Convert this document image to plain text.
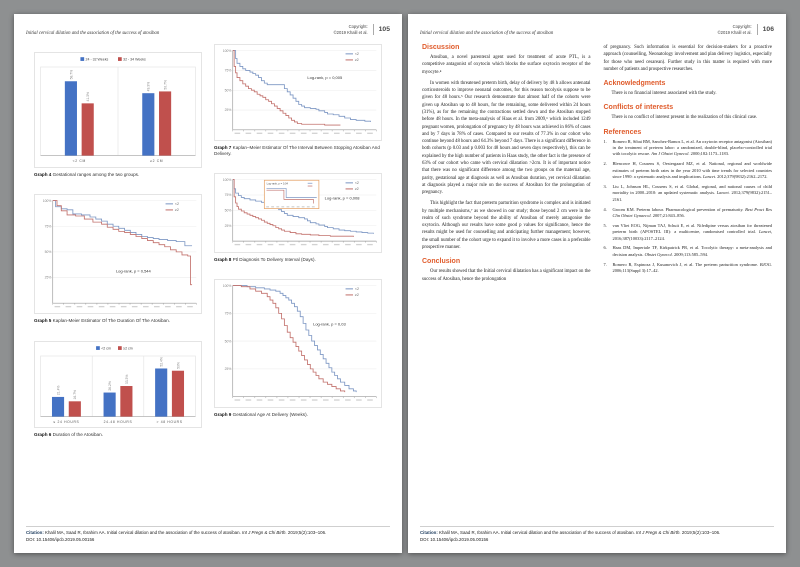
Initial cervical dilation and the association of the success of atosiban
Copyright:
©2019 Khalil et al. 105
24 - 32 Weeks	32 - 34 Weeks
58.7%
41.3%
<2 CM
49.3%	50.7%
≥2 CM
Graph 4 Gestational ranges among the two groups.
25%
50%
75%
100%
<2
≥2
Log-rank, p = 0,544
Graph 5 Kaplan-Meier Estimator Of The Duration Of The Atosiban.
<2 cm	≥2 cm
21.4%	16.7%
≤ 24 HOURS
26.2%
33.3%
24-48 HOURS
52.4%	50%
> 48 HOURS
Graph 6 Duration of the Atosiban.
25%
50%
75%
100%
<2
≥2
Log-rank, p = 0,005
Graph 7 Kaplan–Meier Estimator Of The Interval Between Stopping Atosiban And Delivery.
25%
50%
75%
100%
<2
≥2
Log-rank, p = 0,008
Log-rank, p = 0,04
Graph 8 Ptl Diagnosis To Delivery Interval (Days).
25%
50%
75%
100%
<2
≥2
Log-rank, p = 0,03
Graph 9 Gestational Age At Delivery (Weeks).
Citation: Khalil MA, Saad R, Ibrahim AA. Initial cervical dilation and the association of the success of atosiban. Int J Pregn & Chi Birth. 2019;5(2):103–106.
DOI: 10.15406/ipcb.2019.05.00156
Initial cervical dilation and the association of the success of atosiban
Copyright:
©2019 Khalil et al. 106
Discussion

Atosiban, a novel parenteral agent used for treatment of acute PTL, is a competitive antagonist of oxytocin which blocks the surface oxytocin receptor of the myocyte.⁴

In women with threatened preterm birth, delay of delivery by 48 h allows antenatal corticosteroids to improve neonatal outcomes, for this reason tocolysis suppose to be given for 48 hours.⁵ Our research demonstrate that almost half of the cohorts were given up Atosiban up to 48 hours, for the remaining, some delivered within 24 hours (31%), as for the remaining the contractions settled down and the Atosiban stopped before 48 hours. In the meta-analysis of Haas et al. from 2009,⁶ which included 1249 pregnant women, prolongation of pregnancy by 48 hours was achieved in 86% of cases and by 7 days in 78% of cases. Compared to our results of 77.3% in our cohort who continue beyond 48 hours and 64.3% beyond 7 days. There is a significant difference in both cohorts (p 0.03 and p 0.003 for 48 hours and seven days respectively), this can be explained by the high number of patients in Haas study, the other fact is the presence of 63% of our cohort who came with cervical dilatation >2cm. It is of important notice that there was no significant difference among the two groups on the maternal age, parity, gestational age at diagnosis as well as Atosiban duration, yet cervical dilatation at diagnosis played a major rule on the success of Atosiban for the prolongation of pregnancy.

This highlight the fact that preterm parturition syndrome is complex and is initiated by multiple mechanisms,⁷ as we showed in our study; those beyond 2 cm were in the realm of such syndrome beyond the ability of Atosiban of merely antagonise the oxytocin. Although our results have some good p values for significance, hence the results might be used for counselling and anticipating further management; however, the small number of the cohort urge to expand it to involve a more cases in a preferable prospective manner.

Conclusion

Our results showed that the Initial cervical dilatation has a significant impact on the success of Atosiban, hence the prolongation

of pregnancy. Such information is essential for decision-makers for a proactive approach (counselling, Neonatology involvement and plan delivery logistics, especially for those who need cesarean). Further study in this matter is required with more number of patients and prospective researches.

Acknowledgments

There is no financial interest associated with the study.

Conflicts of interests

There is no conflict of interest present in the realization of this clinical case.

References
1.	Romero R, Sibai BM, Sanchez-Ramos L, et al. An oxytocin receptor antagonist (Atosiban) in the treatment of preterm labor: a randomized, double-blind, placebo-controlled trial with tocolytic rescue. Am J Obstet Gynecol. 2000;182:1173–1183.
2.	Blencowe H, Cousens S, Oestergaard MZ, et al. National, regional and worldwide estimates of preterm birth rates in the year 2010 with time trends for selected countries since 1990: a systematic analysis and implications. Lancet. 2012;379(9832):2162–2172.
3.	Liu L, Johnson HL, Cousens S, et al. Global, regional, and national causes of child mortality in 2000–2010: an updated systematic analysis. Lancet. 2012;379(9832):2151–2161.
4.	Groom KM. Preterm labour. Pharmacological prevention of prematurity. Best Pract Res Clin Obstet Gynaecol. 2007;21:843–856.
5.	van Vliet EOG, Nijman TAJ, Schuit E, et al. Nifedipine versus atosiban for threatened preterm birth (APOSTEL III): a multicentre, randomised controlled trial. Lancet, 2016;387(10033):2117–2124.
6.	Haas DM, Imperiale TF, Kirkpatrick PR, et al. Tocolytic therapy: a meta-analysis and decision analysis. Obstet Gynecol. 2009;113:585–594.
7.	Romero R, Espinoza J, Kusanovich J, et al. The preterm parturition syndrome. BJOG. 2006;113(Suppl 3):17–42.
Citation: Khalil MA, Saad R, Ibrahim AA. Initial cervical dilation and the association of the success of atosiban. Int J Pregn & Chi Birth. 2019;5(2):103–106.
DOI: 10.15406/ipcb.2019.05.00156
